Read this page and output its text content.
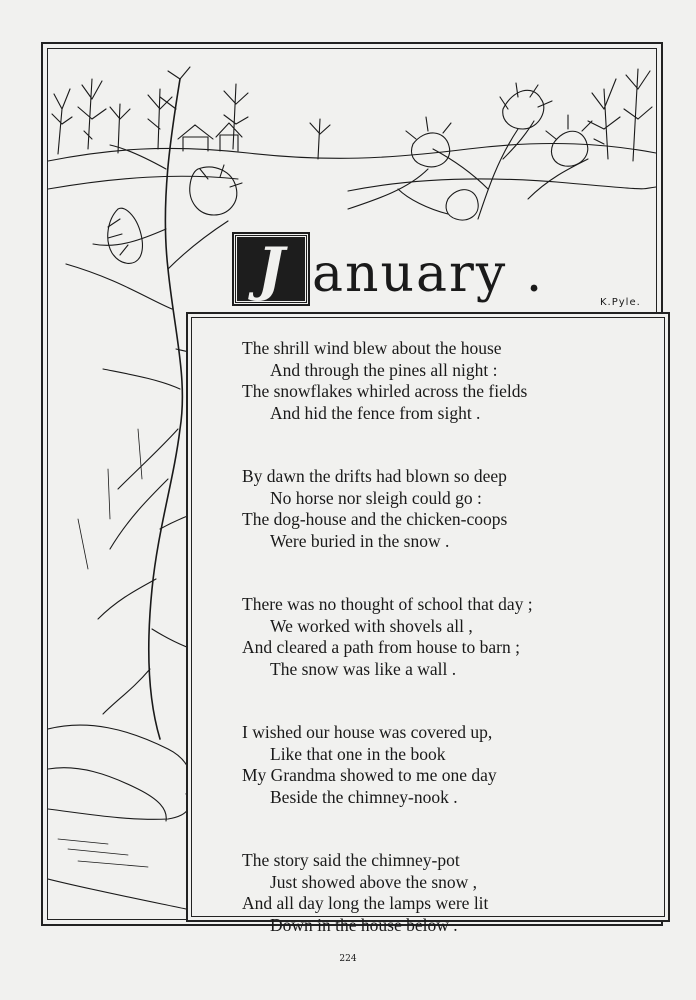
J anuary .	K.Pyle.
The shrill wind blew about the house
And through the pines all night :
The snowflakes whirled across the fields
And hid the fence from sight .
By dawn the drifts had blown so deep
No horse nor sleigh could go :
The dog-house and the chicken-coops
Were buried in the snow .
There was no thought of school that day ;
We worked with shovels all ,
And cleared a path from house to barn ;
The snow was like a wall .
I wished our house was covered up,
Like that one in the book
My Grandma showed to me one day
Beside the chimney-nook .
The story said the chimney-pot
Just showed above the snow ,
And all day long the lamps were lit
Down in the house below .
224
